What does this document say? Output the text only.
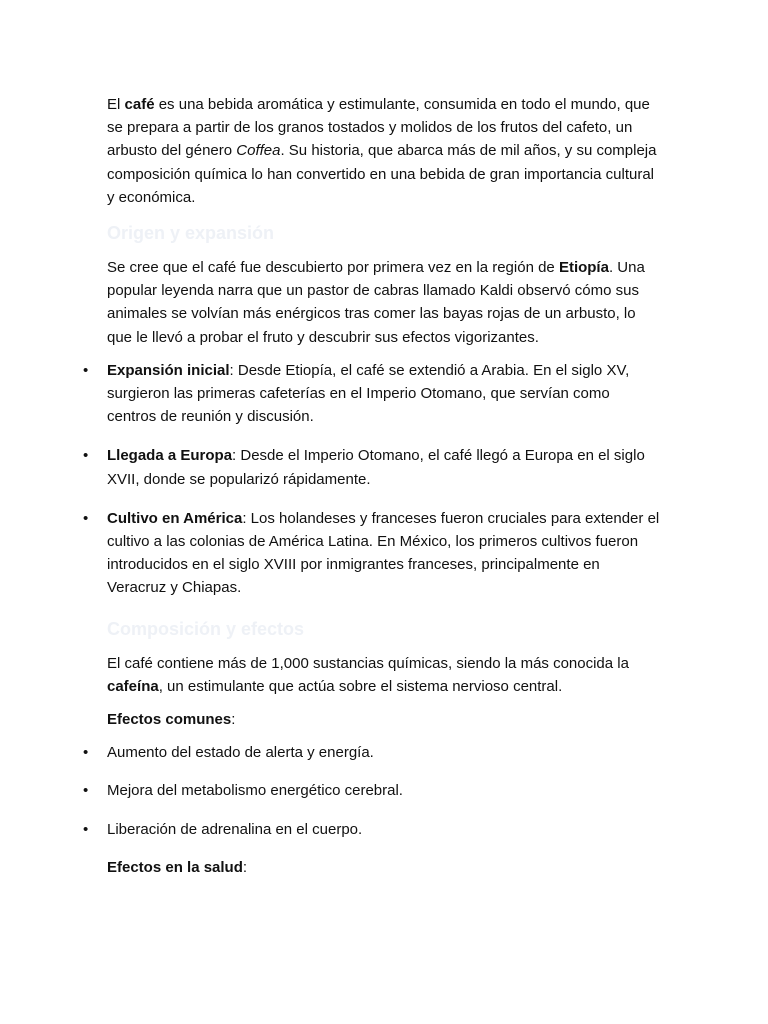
El café es una bebida aromática y estimulante, consumida en todo el mundo, que se prepara a partir de los granos tostados y molidos de los frutos del cafeto, un arbusto del género Coffea. Su historia, que abarca más de mil años, y su compleja composición química lo han convertido en una bebida de gran importancia cultural y económica.

Origen y expansión

Se cree que el café fue descubierto por primera vez en la región de Etiopía. Una popular leyenda narra que un pastor de cabras llamado Kaldi observó cómo sus animales se volvían más enérgicos tras comer las bayas rojas de un arbusto, lo que le llevó a probar el fruto y descubrir sus efectos vigorizantes.

• Expansión inicial: Desde Etiopía, el café se extendió a Arabia. En el siglo XV, surgieron las primeras cafeterías en el Imperio Otomano, que servían como centros de reunión y discusión.
• Llegada a Europa: Desde el Imperio Otomano, el café llegó a Europa en el siglo XVII, donde se popularizó rápidamente.
• Cultivo en América: Los holandeses y franceses fueron cruciales para extender el cultivo a las colonias de América Latina. En México, los primeros cultivos fueron introducidos en el siglo XVIII por inmigrantes franceses, principalmente en Veracruz y Chiapas.
Composición y efectos

El café contiene más de 1,000 sustancias químicas, siendo la más conocida la cafeína, un estimulante que actúa sobre el sistema nervioso central.

Efectos comunes:

• Aumento del estado de alerta y energía.
• Mejora del metabolismo energético cerebral.
• Liberación de adrenalina en el cuerpo.

Efectos en la salud:
